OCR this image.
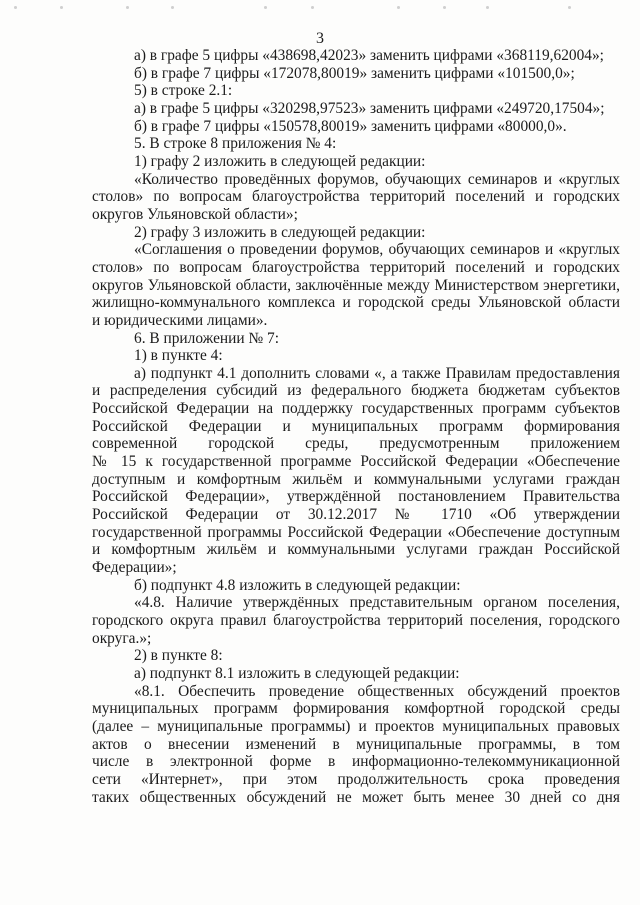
3
а) в графе 5 цифры «438698,42023» заменить цифрами «368119,62004»;
б) в графе 7 цифры «172078,80019» заменить цифрами «101500,0»;
5) в строке 2.1:
а) в графе 5 цифры «320298,97523» заменить цифрами «249720,17504»;
б) в графе 7 цифры «150578,80019» заменить цифрами «80000,0».
5. В строке 8 приложения № 4:
1) графу 2 изложить в следующей редакции:
«Количество проведённых форумов, обучающих семинаров и «круглых
столов» по вопросам благоустройства территорий поселений и городских
округов Ульяновской области»;
2) графу 3 изложить в следующей редакции:
«Соглашения о проведении форумов, обучающих семинаров и «круглых
столов» по вопросам благоустройства территорий поселений и городских
округов Ульяновской области, заключённые между Министерством энергетики,
жилищно-коммунального комплекса и городской среды Ульяновской области
и юридическими лицами».
6. В приложении № 7:
1) в пункте 4:
а) подпункт 4.1 дополнить словами «, а также Правилам предоставления
и распределения субсидий из федерального бюджета бюджетам субъектов
Российской Федерации на поддержку государственных программ субъектов
Российской Федерации и муниципальных программ формирования
современной городской среды, предусмотренным приложением
№ 15 к государственной программе Российской Федерации «Обеспечение
доступным и комфортным жильём и коммунальными услугами граждан
Российской Федерации», утверждённой постановлением Правительства
Российской Федерации от 30.12.2017 № 1710 «Об утверждении
государственной программы Российской Федерации «Обеспечение доступным
и комфортным жильём и коммунальными услугами граждан Российской
Федерации»;
б) подпункт 4.8 изложить в следующей редакции:
«4.8. Наличие утверждённых представительным органом поселения,
городского округа правил благоустройства территорий поселения, городского
округа.»;
2) в пункте 8:
а) подпункт 8.1 изложить в следующей редакции:
«8.1. Обеспечить проведение общественных обсуждений проектов
муниципальных программ формирования комфортной городской среды
(далее – муниципальные программы) и проектов муниципальных правовых
актов о внесении изменений в муниципальные программы, в том
числе в электронной форме в информационно-телекоммуникационной
сети «Интернет», при этом продолжительность срока проведения
таких общественных обсуждений не может быть менее 30 дней со дня
